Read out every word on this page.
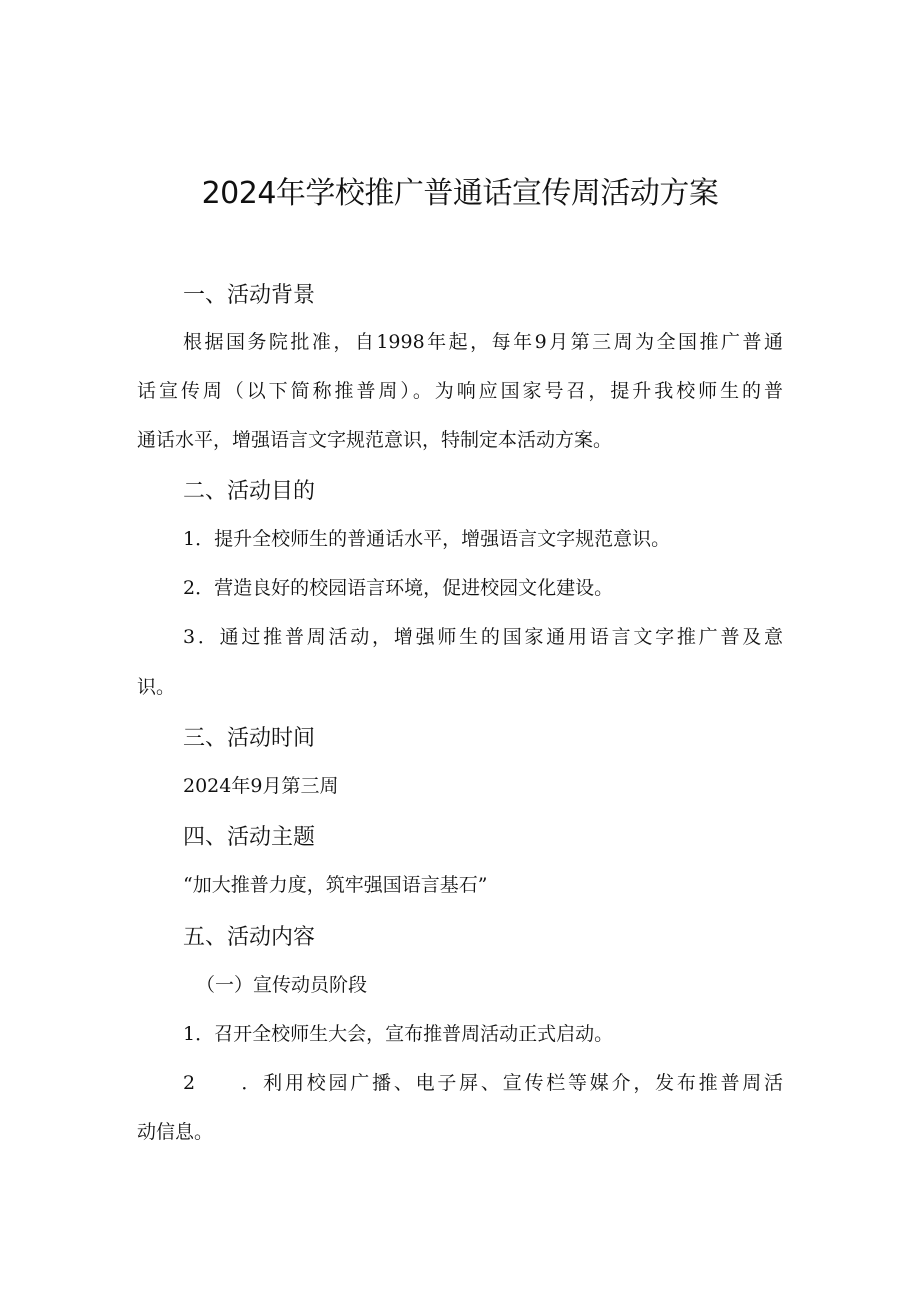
2024年学校推广普通话宣传周活动方案
一、活动背景
根据国务院批准，自1998年起，每年9月第三周为全国推广普通
话宣传周（以下简称推普周）。为响应国家号召，提升我校师生的普
通话水平，增强语言文字规范意识，特制定本活动方案。
二、活动目的
1．提升全校师生的普通话水平，增强语言文字规范意识。
2．营造良好的校园语言环境，促进校园文化建设。
3．通过推普周活动，增强师生的国家通用语言文字推广普及意
识。
三、活动时间
2024年9月第三周
四、活动主题
“加大推普力度，筑牢强国语言基石”
五、活动内容
（一）宣传动员阶段
1．召开全校师生大会，宣布推普周活动正式启动。
2　　．利用校园广播、电子屏、宣传栏等媒介，发布推普周活
动信息。
